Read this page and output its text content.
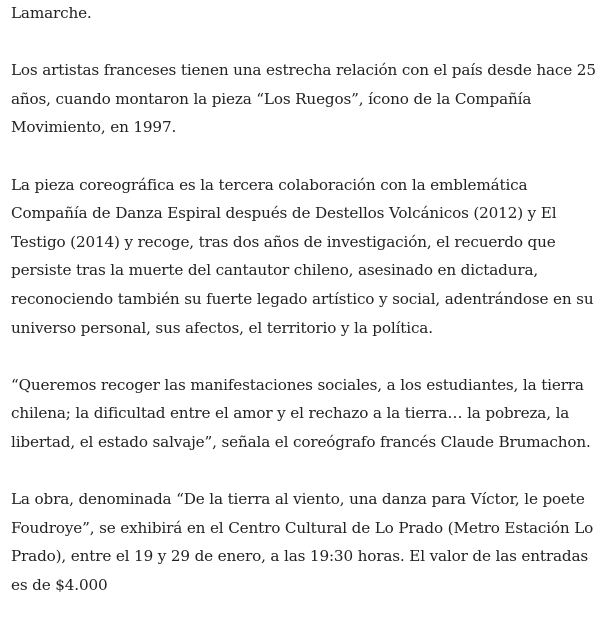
Lamarche.

Los artistas franceses tienen una estrecha relación con el país desde hace 25 años, cuando montaron la pieza “Los Ruegos”, ícono de la Compañía Movimiento, en 1997.

La pieza coreográfica es la tercera colaboración con la emblemática Compañía de Danza Espiral después de Destellos Volcánicos (2012) y El Testigo (2014) y recoge, tras dos años de investigación, el recuerdo que persiste tras la muerte del cantautor chileno, asesinado en dictadura, reconociendo también su fuerte legado artístico y social, adentrándose en su universo personal, sus afectos, el territorio y la política.

“Queremos recoger las manifestaciones sociales, a los estudiantes, la tierra chilena; la dificultad entre el amor y el rechazo a la tierra… la pobreza, la libertad, el estado salvaje”, señala el coreógrafo francés Claude Brumachon.

La obra, denominada “De la tierra al viento, una danza para Víctor, le poete Foudroye”, se exhibirá en el Centro Cultural de Lo Prado (Metro Estación Lo Prado), entre el 19 y 29 de enero, a las 19:30 horas. El valor de las entradas es de $4.000
